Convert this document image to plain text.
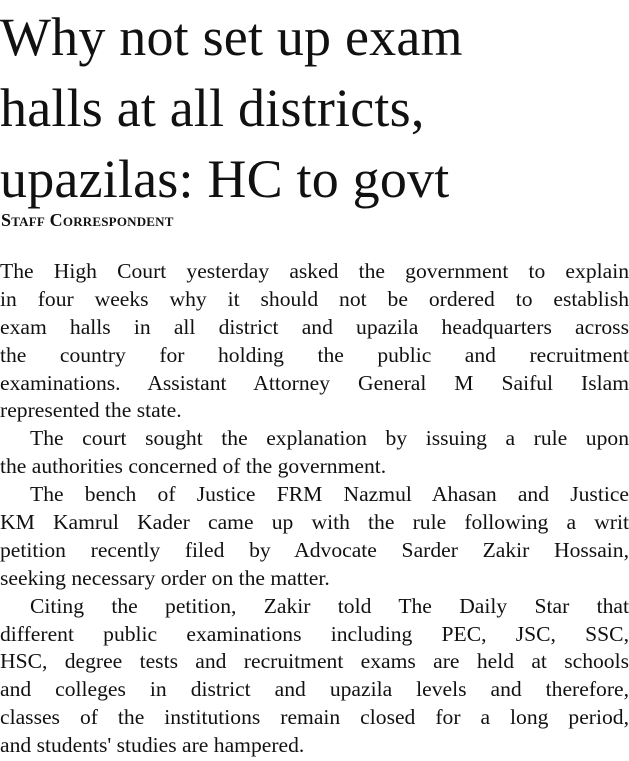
Why not set up exam
halls at all districts,
upazilas: HC to govt
Staff Correspondent

The High Court yesterday asked the government to explain
in four weeks why it should not be ordered to establish
exam halls in all district and upazila headquarters across
the country for holding the public and recruitment
examinations. Assistant Attorney General M Saiful Islam
represented the state.

The court sought the explanation by issuing a rule upon
the authorities concerned of the government.

The bench of Justice FRM Nazmul Ahasan and Justice
KM Kamrul Kader came up with the rule following a writ
petition recently filed by Advocate Sarder Zakir Hossain,
seeking necessary order on the matter.

Citing the petition, Zakir told The Daily Star that
different public examinations including PEC, JSC, SSC,
HSC, degree tests and recruitment exams are held at schools
and colleges in district and upazila levels and therefore,
classes of the institutions remain closed for a long period,
and students' studies are hampered.
